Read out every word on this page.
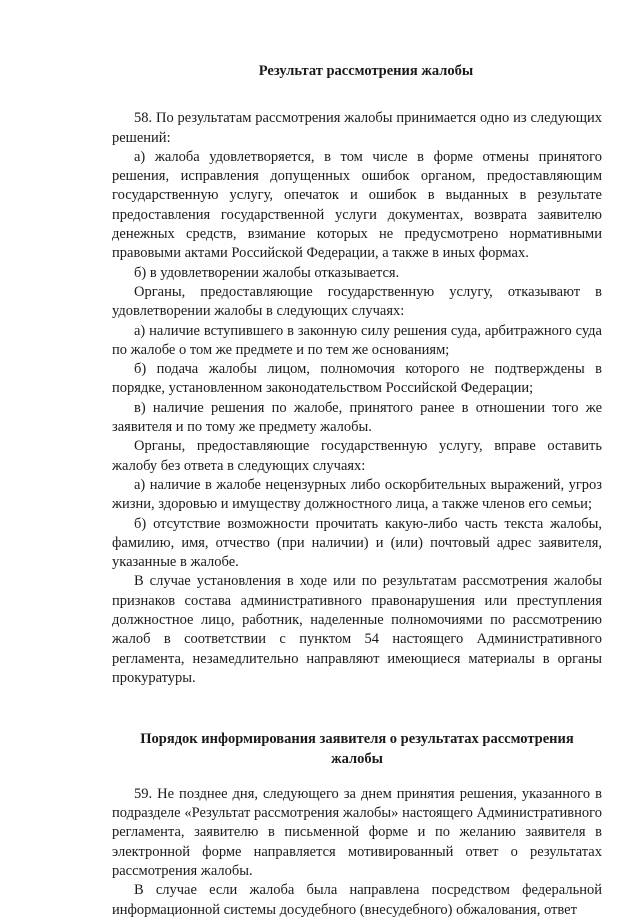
Результат рассмотрения жалобы

58. По результатам рассмотрения жалобы принимается одно из следующих решений:

а) жалоба удовлетворяется, в том числе в форме отмены принятого решения, исправления допущенных ошибок органом, предоставляющим государственную услугу, опечаток и ошибок в выданных в результате предоставления государственной услуги документах, возврата заявителю денежных средств, взимание которых не предусмотрено нормативными правовыми актами Российской Федерации, а также в иных формах.

б) в удовлетворении жалобы отказывается.

Органы, предоставляющие государственную услугу, отказывают в удовлетворении жалобы в следующих случаях:

а) наличие вступившего в законную силу решения суда, арбитражного суда по жалобе о том же предмете и по тем же основаниям;

б) подача жалобы лицом, полномочия которого не подтверждены в порядке, установленном законодательством Российской Федерации;

в) наличие решения по жалобе, принятого ранее в отношении того же заявителя и по тому же предмету жалобы.

Органы, предоставляющие государственную услугу, вправе оставить жалобу без ответа в следующих случаях:

а) наличие в жалобе нецензурных либо оскорбительных выражений, угроз жизни, здоровью и имуществу должностного лица, а также членов его семьи;

б) отсутствие возможности прочитать какую-либо часть текста жалобы, фамилию, имя, отчество (при наличии) и (или) почтовый адрес заявителя, указанные в жалобе.

В случае установления в ходе или по результатам рассмотрения жалобы признаков состава административного правонарушения или преступления должностное лицо, работник, наделенные полномочиями по рассмотрению жалоб в соответствии с пунктом 54 настоящего Административного регламента, незамедлительно направляют имеющиеся материалы в органы прокуратуры.

Порядок информирования заявителя о результатах рассмотрения жалобы

59. Не позднее дня, следующего за днем принятия решения, указанного в подразделе «Результат рассмотрения жалобы» настоящего Административного регламента, заявителю в письменной форме и по желанию заявителя в электронной форме направляется мотивированный ответ о результатах рассмотрения жалобы.

В случае если жалоба была направлена посредством федеральной информационной системы досудебного (внесудебного) обжалования, ответ
